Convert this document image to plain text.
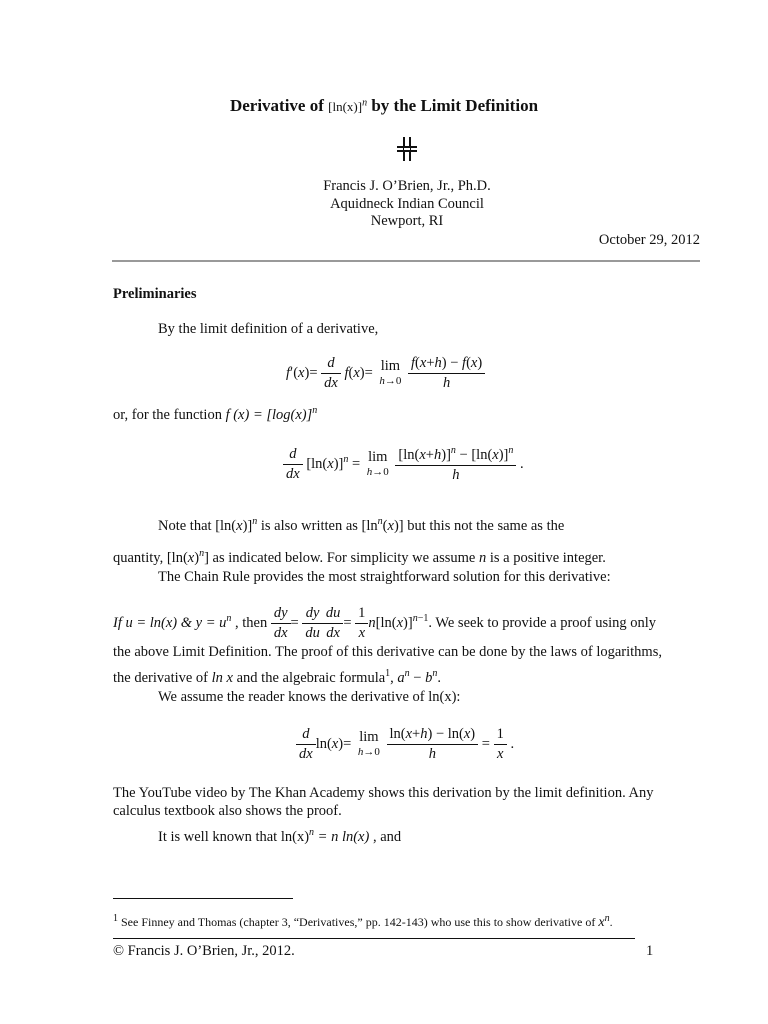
Derivative of $[\ln(x)]^n$ by the Limit Definition
Francis J. O’Brien, Jr., Ph.D.
Aquidneck Indian Council
Newport, RI
October 29, 2012
Preliminaries
By the limit definition of a derivative,
$f'(x)= \frac{d}{dx} f(x)= \lim$
h→0
$\frac{f(x+h) - f(x)}{h}$
or, for the function f $(x) = [\log(x)]^n$
$\frac{d}{dx} [\ln(x)]^n = \lim$
h→0
$\frac{[\ln(x+h)]^n - [\ln(x)]^n}{h}$ .
Note that $[\ln(x)]^n$ is also written as $[\ln^n(x)]$ but this not the same as the
quantity, $[\ln(x)^n]$ as indicated below. For simplicity we assume n is a positive integer.
The Chain Rule provides the most straightforward solution for this derivative:
If u = ln(x) & $y = u^n$ , then $\frac{dy}{dx} = \frac{dy}{du} \frac{du}{dx} = \frac{1}{x} n[\ln(x)]^{n-1}$. We seek to provide a proof using only
the above Limit Definition. The proof of this derivative can be done by the laws of logarithms,
the derivative of ln x and the algebraic formula$^1$, $a^n - b^n$.
We assume the reader knows the derivative of ln(x):
$\frac{d}{dx} \ln(x)= \lim$
h→0
$\frac{\ln(x+h) - \ln(x)}{h} = \frac{1}{x}$ .
The YouTube video by The Khan Academy shows this derivation by the limit definition. Any
calculus textbook also shows the proof.
It is well known that $\ln(x)^n = n$ ln(x) , and
$^1$ See Finney and Thomas (chapter 3, “Derivatives,” pp. 142-143) who use this to show derivative of $x^n$.
© Francis J. O’Brien, Jr., 2012.	1
